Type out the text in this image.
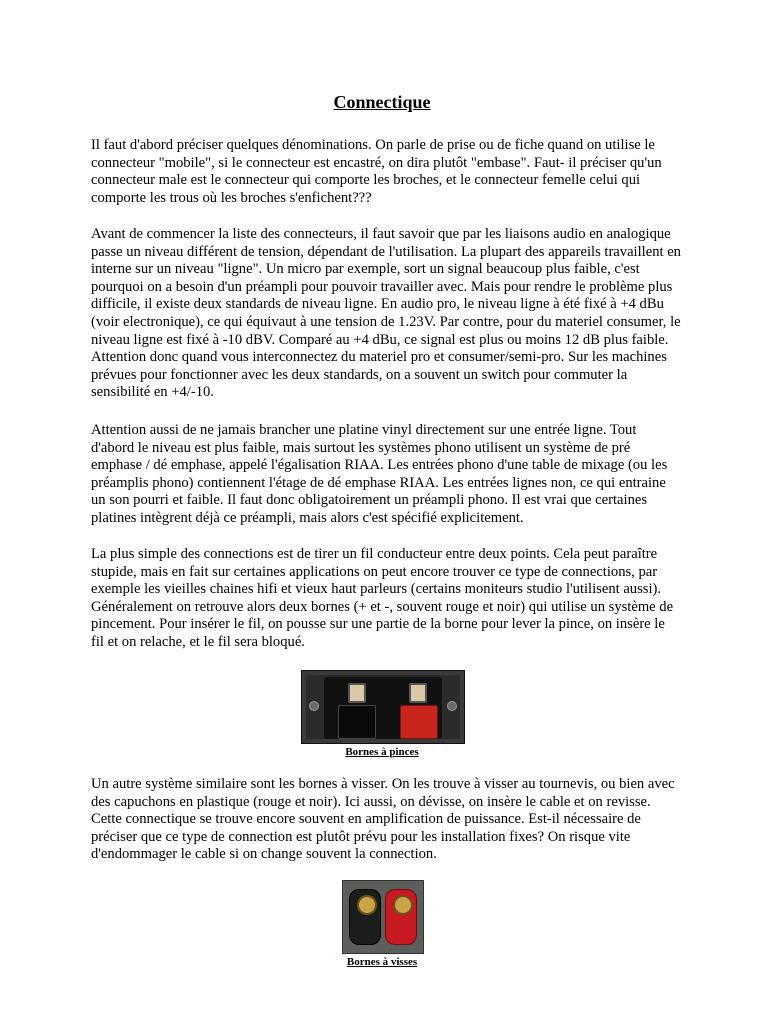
Connectique

Il faut d'abord préciser quelques dénominations. On parle de prise ou de fiche quand on utilise le connecteur "mobile", si le connecteur est encastré, on dira plutôt "embase". Faut- il préciser qu'un connecteur male est le connecteur qui comporte les broches, et le connecteur femelle celui qui comporte les trous où les broches s'enfichent???

Avant de commencer la liste des connecteurs, il faut savoir que par les liaisons audio en analogique passe un niveau différent de tension, dépendant de l'utilisation. La plupart des appareils travaillent en interne sur un niveau "ligne". Un micro par exemple, sort un signal beaucoup plus faible, c'est pourquoi on a besoin d'un préampli pour pouvoir travailler avec. Mais pour rendre le problème plus difficile, il existe deux standards de niveau ligne. En audio pro, le niveau ligne à été fixé à +4 dBu (voir electronique), ce qui équivaut à une tension de 1.23V. Par contre, pour du materiel consumer, le niveau ligne est fixé à -10 dBV. Comparé au +4 dBu, ce signal est plus ou moins 12 dB plus faible. Attention donc quand vous interconnectez du materiel pro et consumer/semi-pro. Sur les machines prévues pour fonctionner avec les deux standards, on a souvent un switch pour commuter la sensibilité en +4/-10.

Attention aussi de ne jamais brancher une platine vinyl directement sur une entrée ligne. Tout d'abord le niveau est plus faible, mais surtout les systèmes phono utilisent un système de pré emphase / dé emphase, appelé l'égalisation RIAA. Les entrées phono d'une table de mixage (ou les préamplis phono) contiennent l'étage de dé emphase RIAA. Les entrées lignes non, ce qui entraine un son pourri et faible. Il faut donc obligatoirement un préampli phono. Il est vrai que certaines platines intègrent déjà ce préampli, mais alors c'est spécifié explicitement.

La plus simple des connections est de tirer un fil conducteur entre deux points. Cela peut paraître stupide, mais en fait sur certaines applications on peut encore trouver ce type de connections, par exemple les vieilles chaines hifi et vieux haut parleurs (certains moniteurs studio l'utilisent aussi). Généralement on retrouve alors deux bornes (+ et -, souvent rouge et noir) qui utilise un système de pincement. Pour insérer le fil, on pousse sur une partie de la borne pour lever la pince, on insère le fil et on relache, et le fil sera bloqué.

Bornes à pinces

Un autre système similaire sont les bornes à visser. On les trouve à visser au tournevis, ou bien avec des capuchons en plastique (rouge et noir). Ici aussi, on dévisse, on insère le cable et on revisse. Cette connectique se trouve encore souvent en amplification de puissance. Est-il nécessaire de préciser que ce type de connection est plutôt prévu pour les installation fixes? On risque vite d'endommager le cable si on change souvent la connection.

Bornes à visses
